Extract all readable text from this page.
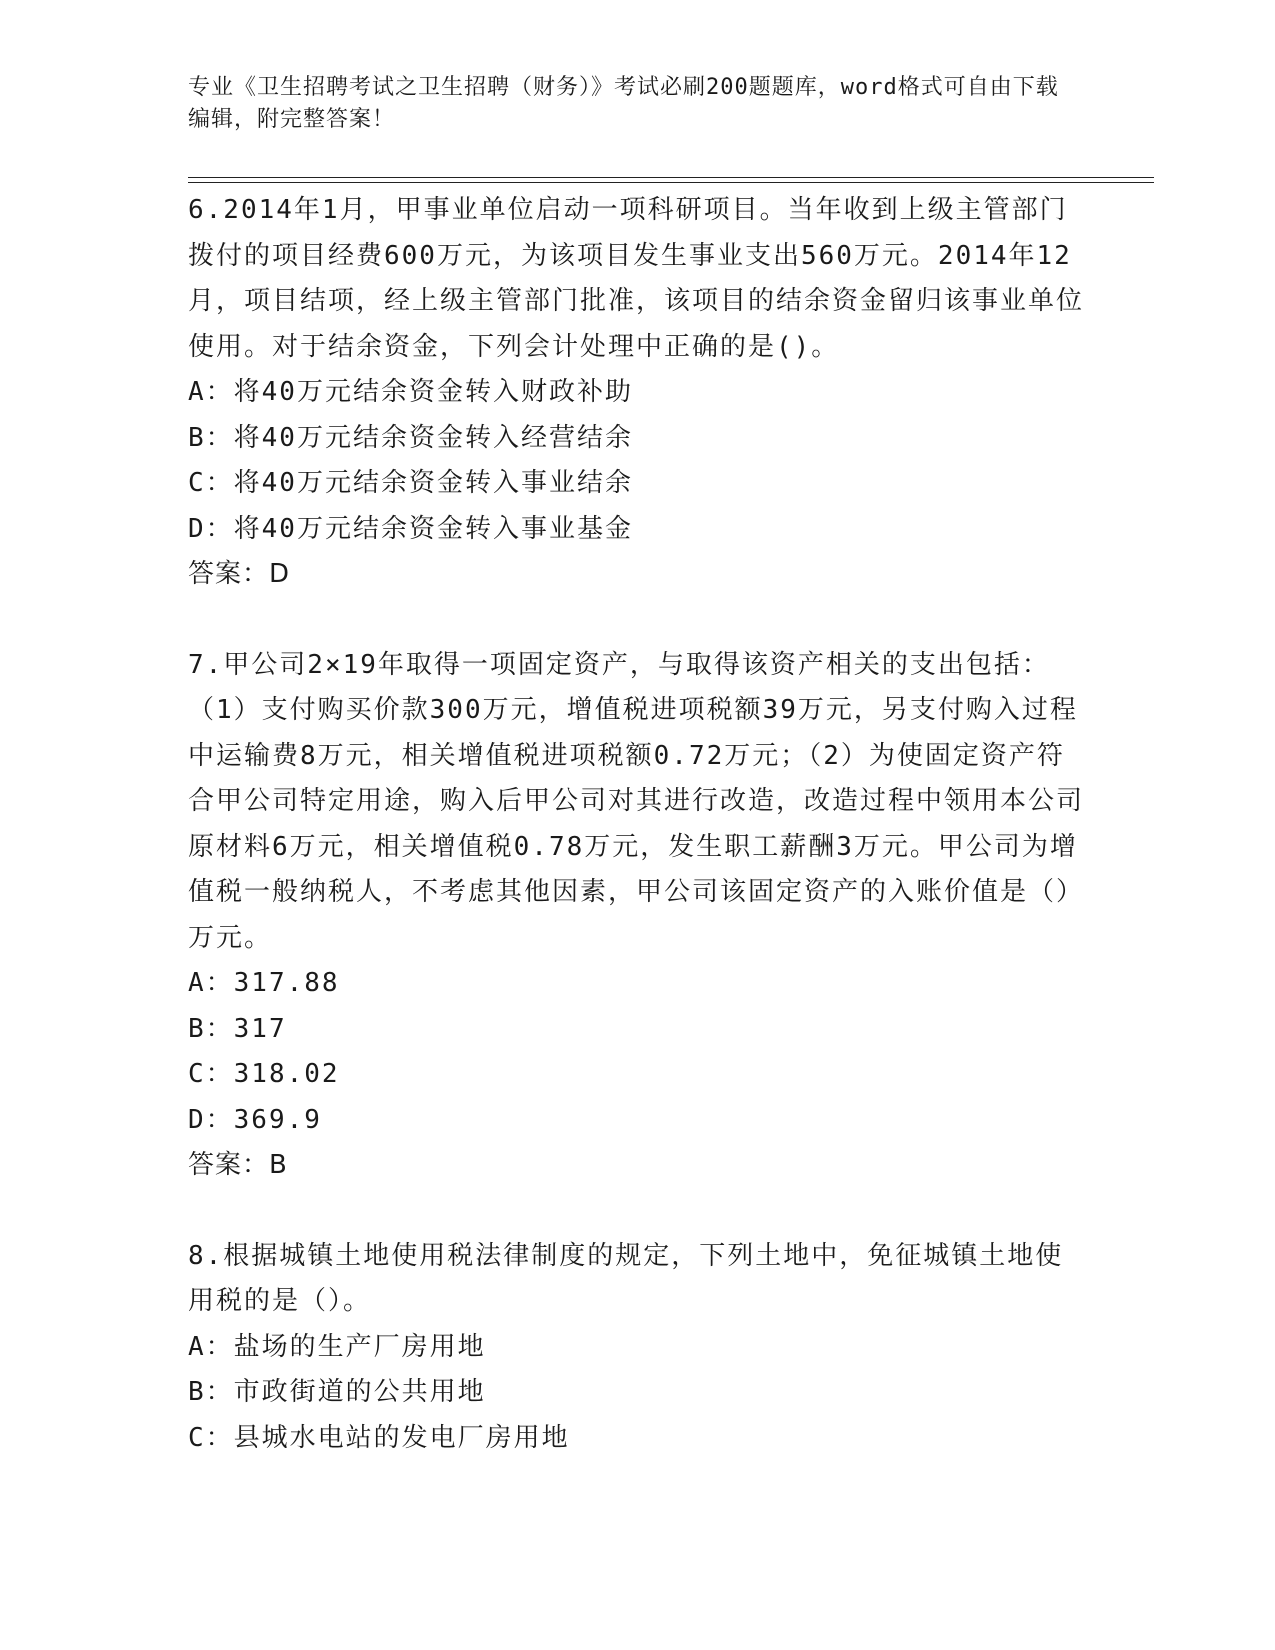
专业《卫生招聘考试之卫生招聘（财务）》考试必刷200题题库，word格式可自由下载编辑，附完整答案！
6.2014年1月，甲事业单位启动一项科研项目。当年收到上级主管部门拨付的项目经费600万元，为该项目发生事业支出560万元。2014年12月，项目结项，经上级主管部门批准，该项目的结余资金留归该事业单位使用。对于结余资金，下列会计处理中正确的是()。
A：将40万元结余资金转入财政补助
B：将40万元结余资金转入经营结余
C：将40万元结余资金转入事业结余
D：将40万元结余资金转入事业基金
答案：D
7.甲公司2×19年取得一项固定资产，与取得该资产相关的支出包括：（1）支付购买价款300万元，增值税进项税额39万元，另支付购入过程中运输费8万元，相关增值税进项税额0.72万元；（2）为使固定资产符合甲公司特定用途，购入后甲公司对其进行改造，改造过程中领用本公司原材料6万元，相关增值税0.78万元，发生职工薪酬3万元。甲公司为增值税一般纳税人，不考虑其他因素，甲公司该固定资产的入账价值是（）万元。
A：317.88
B：317
C：318.02
D：369.9
答案：B
8.根据城镇土地使用税法律制度的规定，下列土地中，免征城镇土地使用税的是（）。
A：盐场的生产厂房用地
B：市政街道的公共用地
C：县城水电站的发电厂房用地
